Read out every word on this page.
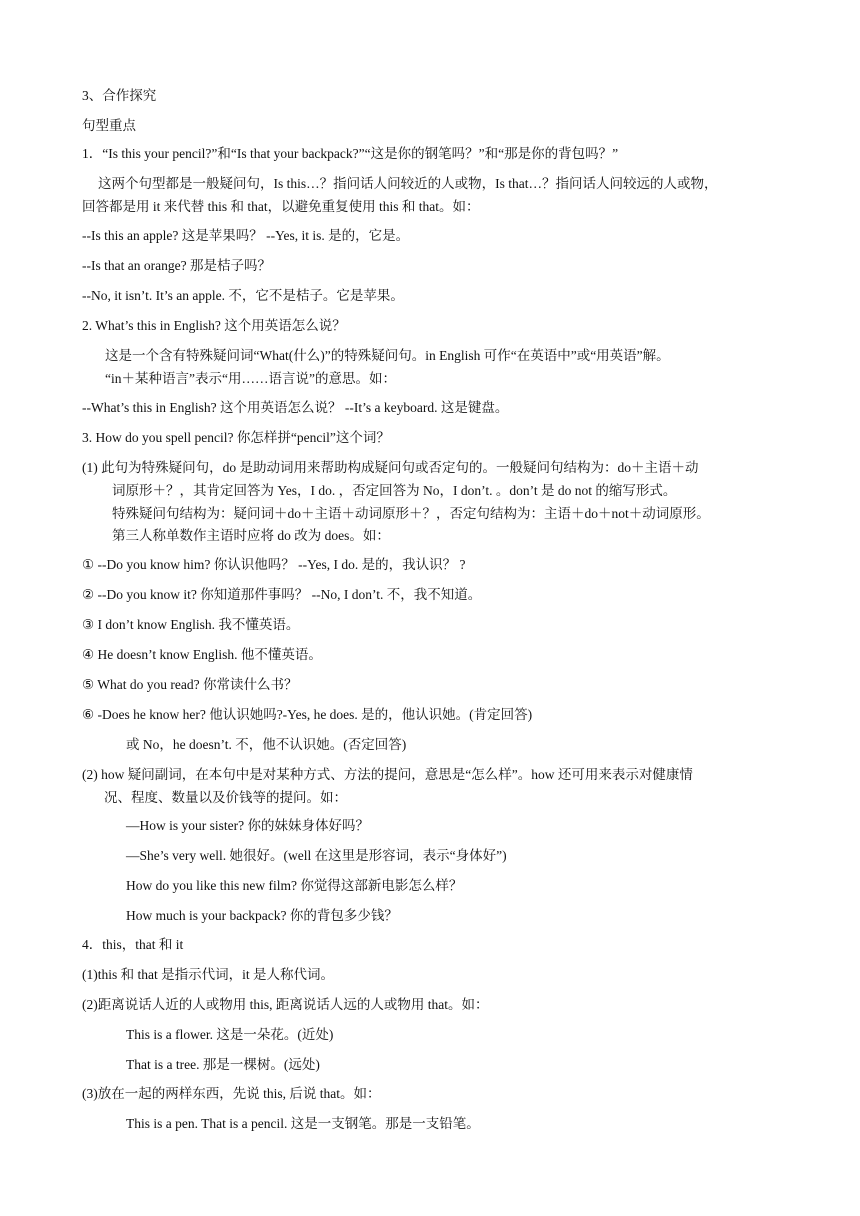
3、合作探究
句型重点
1．“Is this your pencil?”和“Is that your backpack?”“这是你的钢笔吗？”和“那是你的背包吗？”
这两个句型都是一般疑问句，Is this…？指问话人问较近的人或物，Is that…？指问话人问较远的人或物，
回答都是用 it 来代替 this 和 that，以避免重复使用 this 和 that。如：
--Is this an apple? 这是苹果吗？ --Yes, it is. 是的，它是。
--Is that an orange? 那是桔子吗？
--No, it isn’t. It’s an apple. 不，它不是桔子。它是苹果。
2. What’s this in English? 这个用英语怎么说？
这是一个含有特殊疑问词“What(什么)”的特殊疑问句。in English 可作“在英语中”或“用英语”解。
“in＋某种语言”表示“用……语言说”的意思。如：
--What’s this in English? 这个用英语怎么说？ --It’s a keyboard. 这是键盘。
3. How do you spell pencil? 你怎样拼“pencil”这个词？
(1) 此句为特殊疑问句，do 是助动词用来帮助构成疑问句或否定句的。一般疑问句结构为：do＋主语＋动
词原形＋？，其肯定回答为 Yes，I do. ，否定回答为 No，I don’t. 。don’t 是 do not 的缩写形式。
特殊疑问句结构为：疑问词＋do＋主语＋动词原形＋？，否定句结构为：主语＋do＋not＋动词原形。
第三人称单数作主语时应将 do 改为 does。如：
① --Do you know him? 你认识他吗？ --Yes, I do. 是的，我认识？ ?
② --Do you know it? 你知道那件事吗？ --No, I don’t. 不，我不知道。
③ I don’t know English. 我不懂英语。
④ He doesn’t know English. 他不懂英语。
⑤ What do you read? 你常读什么书？
⑥ -Does he know her? 他认识她吗?-Yes, he does. 是的，他认识她。(肯定回答)
或 No，he doesn’t. 不，他不认识她。(否定回答)
(2) how 疑问副词，在本句中是对某种方式、方法的提问，意思是“怎么样”。how 还可用来表示对健康情
况、程度、数量以及价钱等的提问。如：
—How is your sister? 你的妹妹身体好吗？
—She’s very well. 她很好。(well 在这里是形容词，表示“身体好”)
How do you like this new film? 你觉得这部新电影怎么样？
How much is your backpack? 你的背包多少钱？
4．this，that 和 it
(1)this 和 that 是指示代词，it 是人称代词。
(2)距离说话人近的人或物用 this, 距离说话人远的人或物用 that。如：
This is a flower. 这是一朵花。(近处)
That is a tree. 那是一棵树。(远处)
(3)放在一起的两样东西，先说 this, 后说 that。如：
This is a pen. That is a pencil. 这是一支钢笔。那是一支铅笔。
